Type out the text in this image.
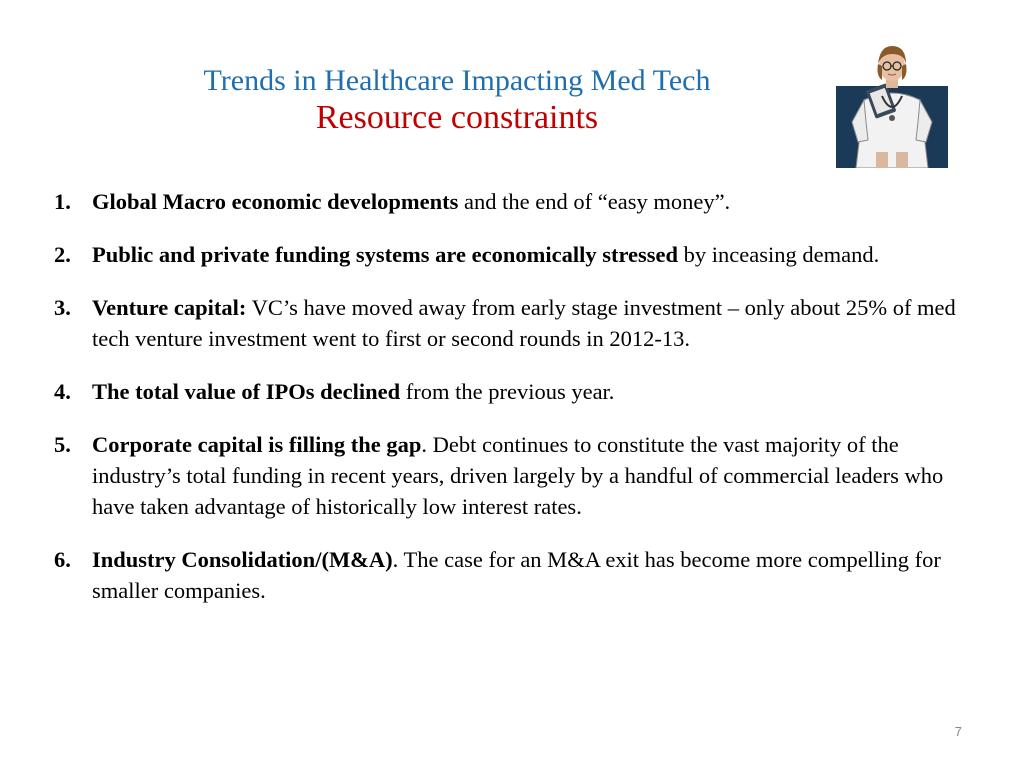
Trends in Healthcare Impacting Med Tech
Resource constraints
1. Global Macro economic developments and the end of “easy money”.
2. Public and private funding systems are economically stressed by inceasing demand.
3. Venture capital: VC’s have moved away from early stage investment – only about 25% of med tech venture investment went to first or second rounds in 2012-13.
4. The total value of IPOs declined from the previous year.
5. Corporate capital is filling the gap. Debt continues to constitute the vast majority of the industry’s total funding in recent years, driven largely by a handful of commercial leaders who have taken advantage of historically low interest rates.
6. Industry Consolidation/(M&A). The case for an M&A exit has become more compelling for smaller companies.
7
